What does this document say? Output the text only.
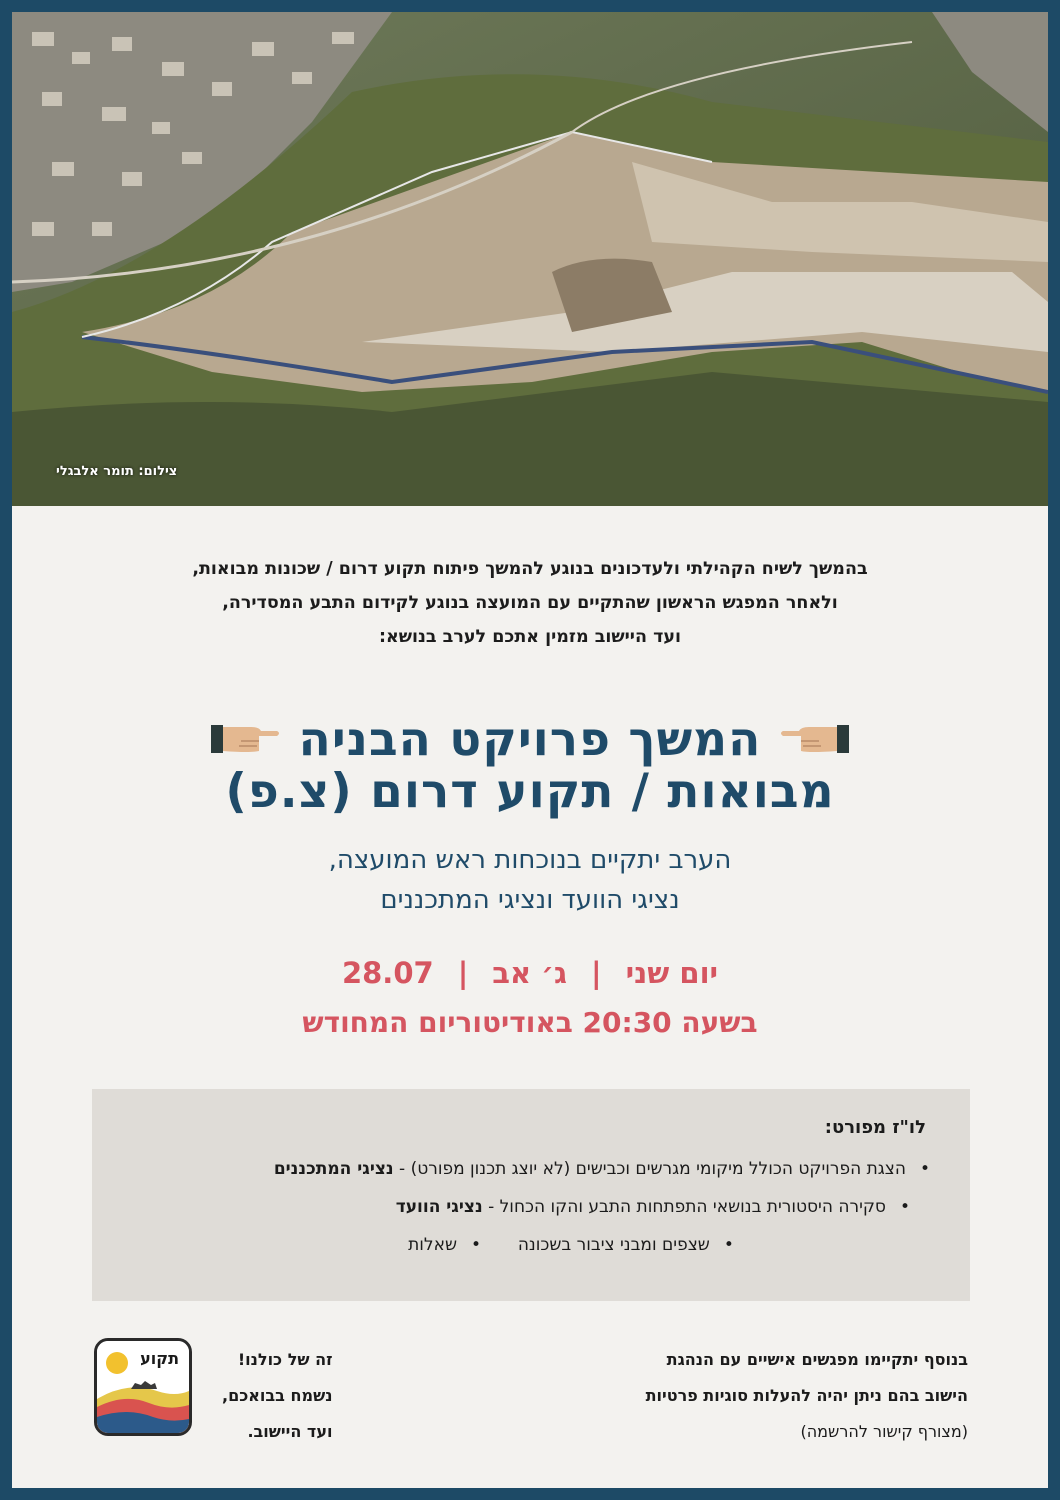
צילום: תומר אלבגלי
בהמשך לשיח הקהילתי ולעדכונים בנוגע להמשך פיתוח תקוע דרום / שכונות מבואות,
ולאחר המפגש הראשון שהתקיים עם המועצה בנוגע לקידום התבע המסדירה,
ועד היישוב מזמין אתכם לערב בנושא:
המשך פרויקט הבניה
מבואות / תקוע דרום (צ.פ)
הערב יתקיים בנוכחות ראש המועצה,
נציגי הוועד ונציגי המתכננים
יום שני
|
ג׳ אב
|
28.07
בשעה 20:30 באודיטוריום המחודש
לו"ז מפורט:
•הצגת הפרויקט הכולל מיקומי מגרשים וכבישים (לא יוצג תכנון מפורט) - נציגי המתכננים
•סקירה היסטורית בנושאי התפתחות התבע והקו הכחול - נציגי הוועד
•שצפים ומבני ציבור בשכונה  •שאלות
בנוסף יתקיימו מפגשים אישיים עם הנהגת
הישוב בהם ניתן יהיה להעלות סוגיות פרטיות
(מצורף קישור להרשמה)
זה של כולנו!
נשמח בבואכם,
ועד היישוב.
תקוע
